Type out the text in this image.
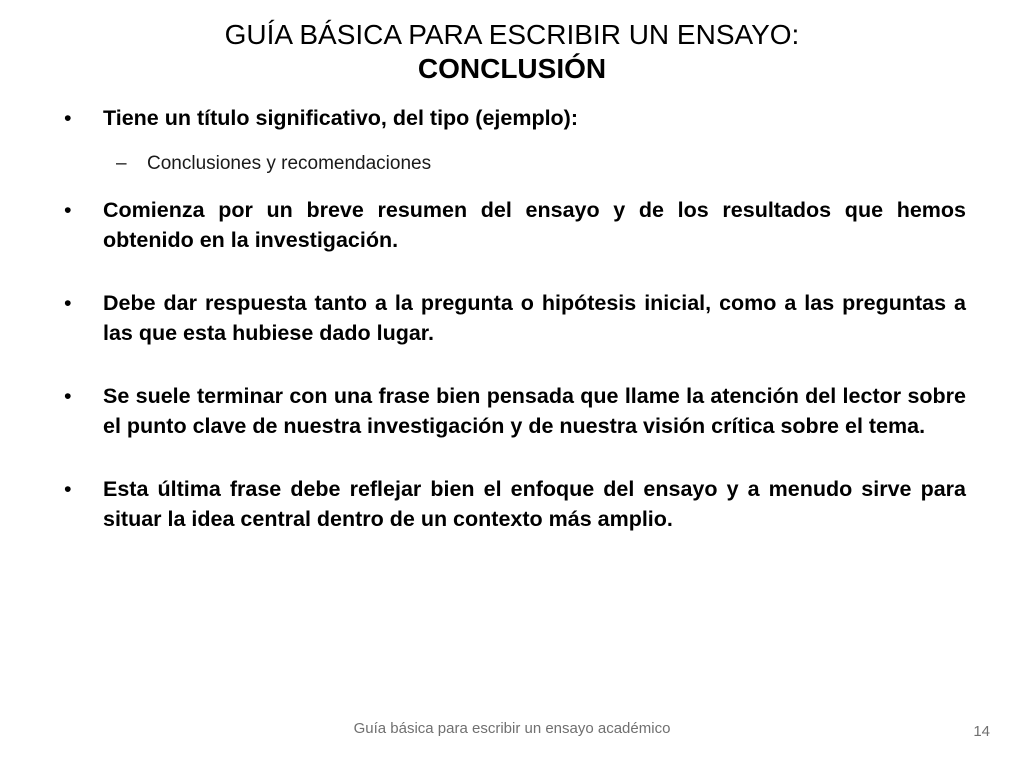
GUÍA BÁSICA PARA ESCRIBIR UN ENSAYO:
CONCLUSIÓN
• Tiene un título significativo, del tipo (ejemplo):
– Conclusiones y recomendaciones
• Comienza por un breve resumen del ensayo y de los resultados que hemos obtenido en la investigación.
• Debe dar respuesta tanto a la pregunta o hipótesis inicial, como a las preguntas a las que esta hubiese dado lugar.
• Se suele terminar con una frase bien pensada que llame la atención del lector sobre el punto clave de nuestra investigación y de nuestra visión crítica sobre el tema.
• Esta última frase debe reflejar bien el enfoque del ensayo y a menudo sirve para situar la idea central dentro de un contexto más amplio.
Guía básica para escribir un ensayo académico	14
